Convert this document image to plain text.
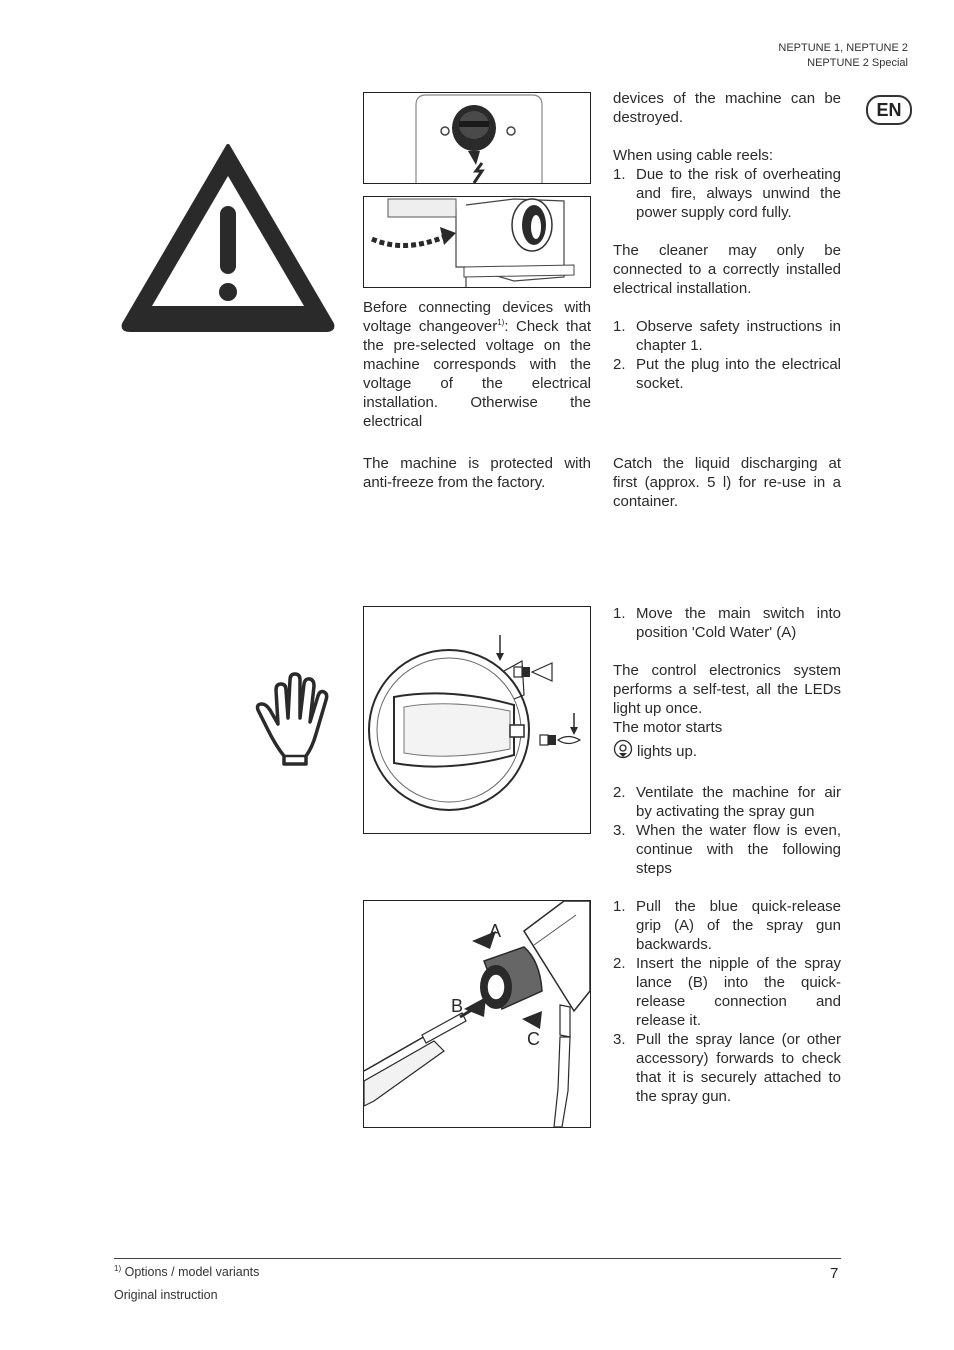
NEPTUNE 1, NEPTUNE 2
NEPTUNE 2 Special
EN

Before connecting devices with voltage changeover$^{1)}$: Check that the pre-selected voltage on the machine corresponds with the voltage of the electrical installation. Otherwise the electrical

devices of the machine can be destroyed.

When using cable reels:

1. Due to the risk of overheating and fire, always unwind the power supply cord fully.

The cleaner may only be connected to a correctly installed electrical installation.

1. Observe safety instructions in chapter 1.
2. Put the plug into the electrical socket.
The machine is protected with anti-freeze from the factory.
Catch the liquid discharging at first (approx. 5 l) for re-use in a container.
1. Move the main switch into position 'Cold Water' (A)

The control electronics system performs a self-test, all the LEDs light up once.

The motor starts

lights up.

2. Ventilate the machine for air by activating the spray gun
3. When the water flow is even, continue with the following steps
A
B
C
1. Pull the blue quick-release grip (A) of the spray gun backwards.
2. Insert the nipple of the spray lance (B) into the quick-release connection and release it.
3. Pull the spray lance (or other accessory) forwards to check that it is securely attached to the spray gun.
$^{1)}$ Options / model variants	7
Original instruction
